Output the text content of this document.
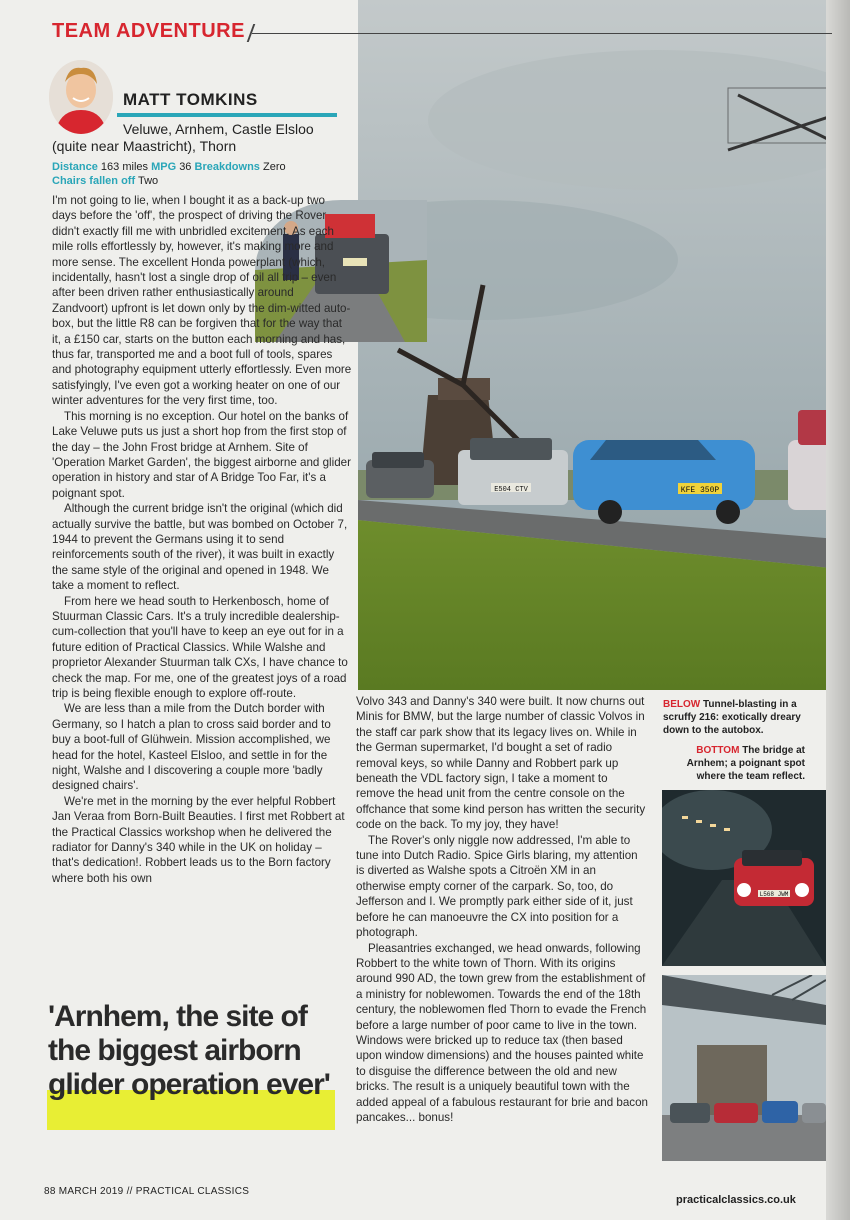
E504 CTV	KFE 350P
TEAM ADVENTURE
MATT TOMKINS
Veluwe, Arnhem, Castle Elsloo
(quite near Maastricht), Thorn
Distance 163 miles MPG 36 Breakdowns Zero
Chairs fallen off Two

I'm not going to lie, when I bought it as a back-up two days before the 'off', the prospect of driving the Rover didn't exactly fill me with unbridled excitement. As each mile rolls effortlessly by, however, it's making more and more sense. The excellent Honda powerplant (which, incidentally, hasn't lost a single drop of oil all trip – even after been driven rather enthusiastically around Zandvoort) upfront is let down only by the dim-witted auto-box, but the little R8 can be forgiven that for the way that it, a £150 car, starts on the button each morning and has, thus far, transported me and a boot full of tools, spares and photography equipment utterly effortlessly. Even more satisfyingly, I've even got a working heater on one of our winter adventures for the very first time, too.

This morning is no exception. Our hotel on the banks of Lake Veluwe puts us just a short hop from the first stop of the day – the John Frost bridge at Arnhem. Site of 'Operation Market Garden', the biggest airborne and glider operation in history and star of A Bridge Too Far, it's a poignant spot.

Although the current bridge isn't the original (which did actually survive the battle, but was bombed on October 7, 1944 to prevent the Germans using it to send reinforcements south of the river), it was built in exactly the same style of the original and opened in 1948. We take a moment to reflect.

From here we head south to Herkenbosch, home of Stuurman Classic Cars. It's a truly incredible dealership-cum-collection that you'll have to keep an eye out for in a future edition of Practical Classics. While Walshe and proprietor Alexander Stuurman talk CXs, I have chance to check the map. For me, one of the greatest joys of a road trip is being flexible enough to explore off-route.

We are less than a mile from the Dutch border with Germany, so I hatch a plan to cross said border and to buy a boot-full of Glühwein. Mission accomplished, we head for the hotel, Kasteel Elsloo, and settle in for the night, Walshe and I discovering a couple more 'badly designed chairs'.

We're met in the morning by the ever helpful Robbert Jan Veraa from Born-Built Beauties. I first met Robbert at the Practical Classics workshop when he delivered the radiator for Danny's 340 while in the UK on holiday – that's dedication!. Robbert leads us to the Born factory where both his own

'Arnhem, the site of the biggest airborn glider operation ever'

Volvo 343 and Danny's 340 were built. It now churns out Minis for BMW, but the large number of classic Volvos in the staff car park show that its legacy lives on. While in the German supermarket, I'd bought a set of radio removal keys, so while Danny and Robbert park up beneath the VDL factory sign, I take a moment to remove the head unit from the centre console on the offchance that some kind person has written the security code on the back. To my joy, they have!

The Rover's only niggle now addressed, I'm able to tune into Dutch Radio. Spice Girls blaring, my attention is diverted as Walshe spots a Citroën XM in an otherwise empty corner of the carpark. So, too, do Jefferson and I. We promptly park either side of it, just before he can manoeuvre the CX into position for a photograph.

Pleasantries exchanged, we head onwards, following Robbert to the white town of Thorn. With its origins around 990 AD, the town grew from the establishment of a ministry for noblewomen. Towards the end of the 18th century, the noblewomen fled Thorn to evade the French before a large number of poor came to live in the town. Windows were bricked up to reduce tax (then based upon window dimensions) and the houses painted white to disguise the difference between the old and new bricks. The result is a uniquely beautiful town with the added appeal of a fabulous restaurant for brie and bacon pancakes... bonus!

BELOW Tunnel-blasting in a scruffy 216: exotically dreary down to the autobox.
BOTTOM The bridge at Arnhem; a poignant spot where the team reflect.
L568 JWM
88 MARCH 2019 // PRACTICAL CLASSICS
practicalclassics.co.uk
